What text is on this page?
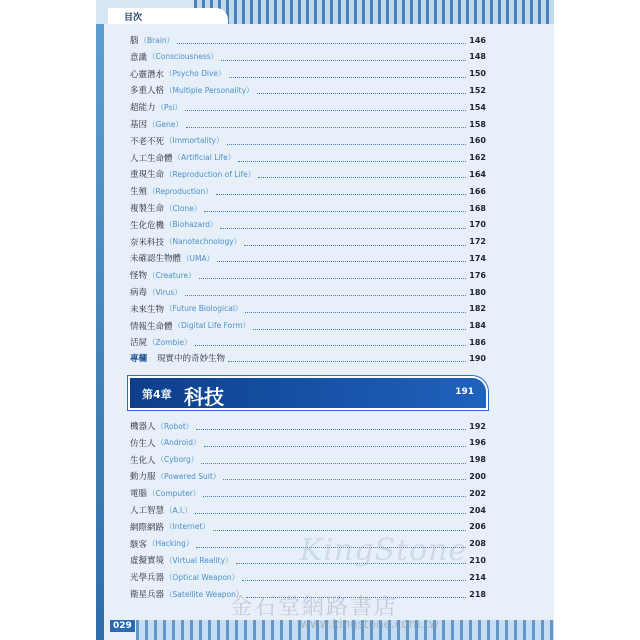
目次
腦 （Brain）	146
意識 （Consciousness）	148
心靈潛水 （Psycho Dive）	150
多重人格 （Multiple Personality）	152
超能力 （Psi）	154
基因 （Gene）	158
不老不死 （Immortality）	160
人工生命體 （Artificial Life）	162
重現生命 （Reproduction of Life）	164
生殖 （Reproduction）	166
複製生命 （Clone）	168
生化危機 （Biohazard）	170
奈米科技 （Nanotechnology）	172
未確認生物體 （UMA）	174
怪物 （Creature）	176
病毒 （Virus）	180
未來生物 （Future Biological）	182
情報生命體 （Digital Life Form）	184
活屍 （Zombie）	186
專欄 現實中的奇妙生物	190
第4章 科技	191
機器人 （Robot）	192
仿生人 （Android）	196
生化人 （Cyborg）	198
動力服 （Powered Suit）	200
電腦 （Computer）	202
人工智慧 （A.I.）	204
網際網路 （Internet）	206
駭客 （Hacking）	208
虛擬實境 （Virtual Reality）	210
光學兵器 （Optical Weapon）	214
衛星兵器 （Satellite Weapon）	218
029
KingStone
金石堂網路書店
www.kingstone.com.tw
